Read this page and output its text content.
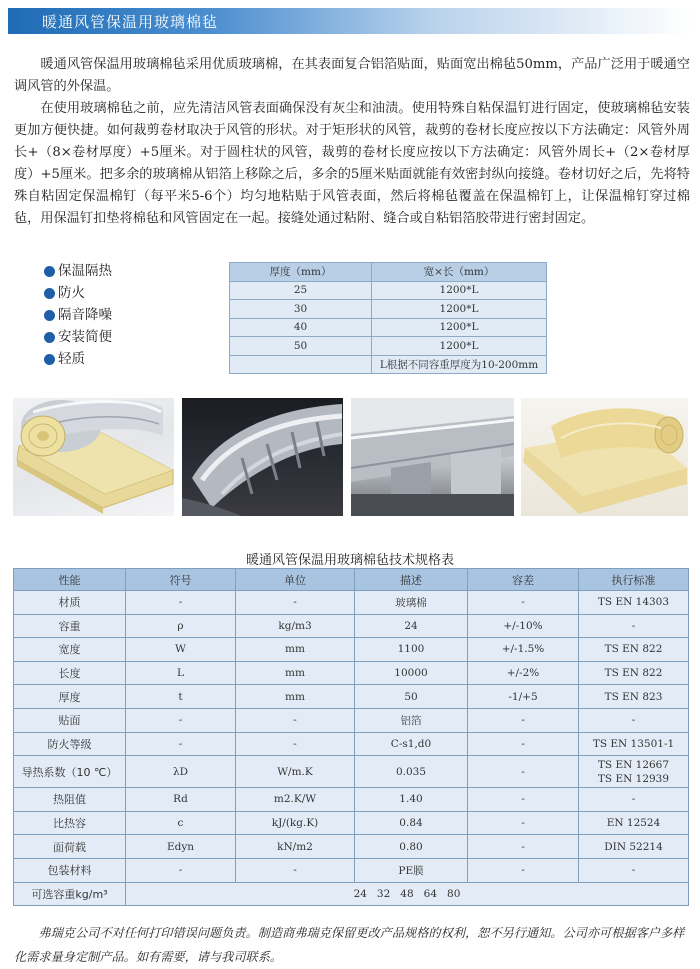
暖通风管保温用玻璃棉毡

暖通风管保温用玻璃棉毡采用优质玻璃棉，在其表面复合铝箔贴面，贴面宽出棉毡50mm，产品广泛用于暖通空调风管的外保温。

在使用玻璃棉毡之前，应先清洁风管表面确保没有灰尘和油渍。使用特殊自粘保温钉进行固定，使玻璃棉毡安装更加方便快捷。如何裁剪卷材取决于风管的形状。对于矩形状的风管，裁剪的卷材长度应按以下方法确定：风管外周长+（8×卷材厚度）+5厘米。对于圆柱状的风管，裁剪的卷材长度应按以下方法确定：风管外周长+（2×卷材厚度）+5厘米。把多余的玻璃棉从铝箔上移除之后，多余的5厘米贴面就能有效密封纵向接缝。卷材切好之后，先将特殊自粘固定保温棉钉（每平米5-6个）均匀地粘贴于风管表面，然后将棉毡覆盖在保温棉钉上，让保温棉钉穿过棉毡，用保温钉扣垫将棉毡和风管固定在一起。接缝处通过粘附、缝合或自粘铝箔胶带进行密封固定。

保温隔热
防火
隔音降噪
安装简便
轻质
厚度（mm）	宽×长（mm）
25	1200*L
30	1200*L
40	1200*L
50	1200*L
	L根据不同容重厚度为10-200mm
暖通风管保温用玻璃棉毡技术规格表
性能	符号	单位	描述	容差	执行标准
材质	-	-	玻璃棉	-	TS EN 14303
容重	ρ	kg/m3	24	+/-10%	-
宽度	W	mm	1100	+/-1.5%	TS EN 822
长度	L	mm	10000	+/-2%	TS EN 822
厚度	t	mm	50	-1/+5	TS EN 823
贴面	-	-	铝箔	-	-
防火等级	-	-	C-s1,d0	-	TS EN 13501-1
导热系数（10 ℃）	λD	W/m.K	0.035	-	TS EN 12667
TS EN 12939

热阻值	Rd	m2.K/W	1.40	-	-
比热容	c	kJ/(kg.K)	0.84	-	EN 12524
面荷载	Edyn	kN/m2	0.80	-	DIN 52214
包装材料	-	-	PE膜	-	-
可选容重kg/m³	24   32   48   64   80				

弗瑞克公司不对任何打印错误问题负责。制造商弗瑞克保留更改产品规格的权利，恕不另行通知。公司亦可根据客户多样化需求量身定制产品。如有需要，请与我司联系。
